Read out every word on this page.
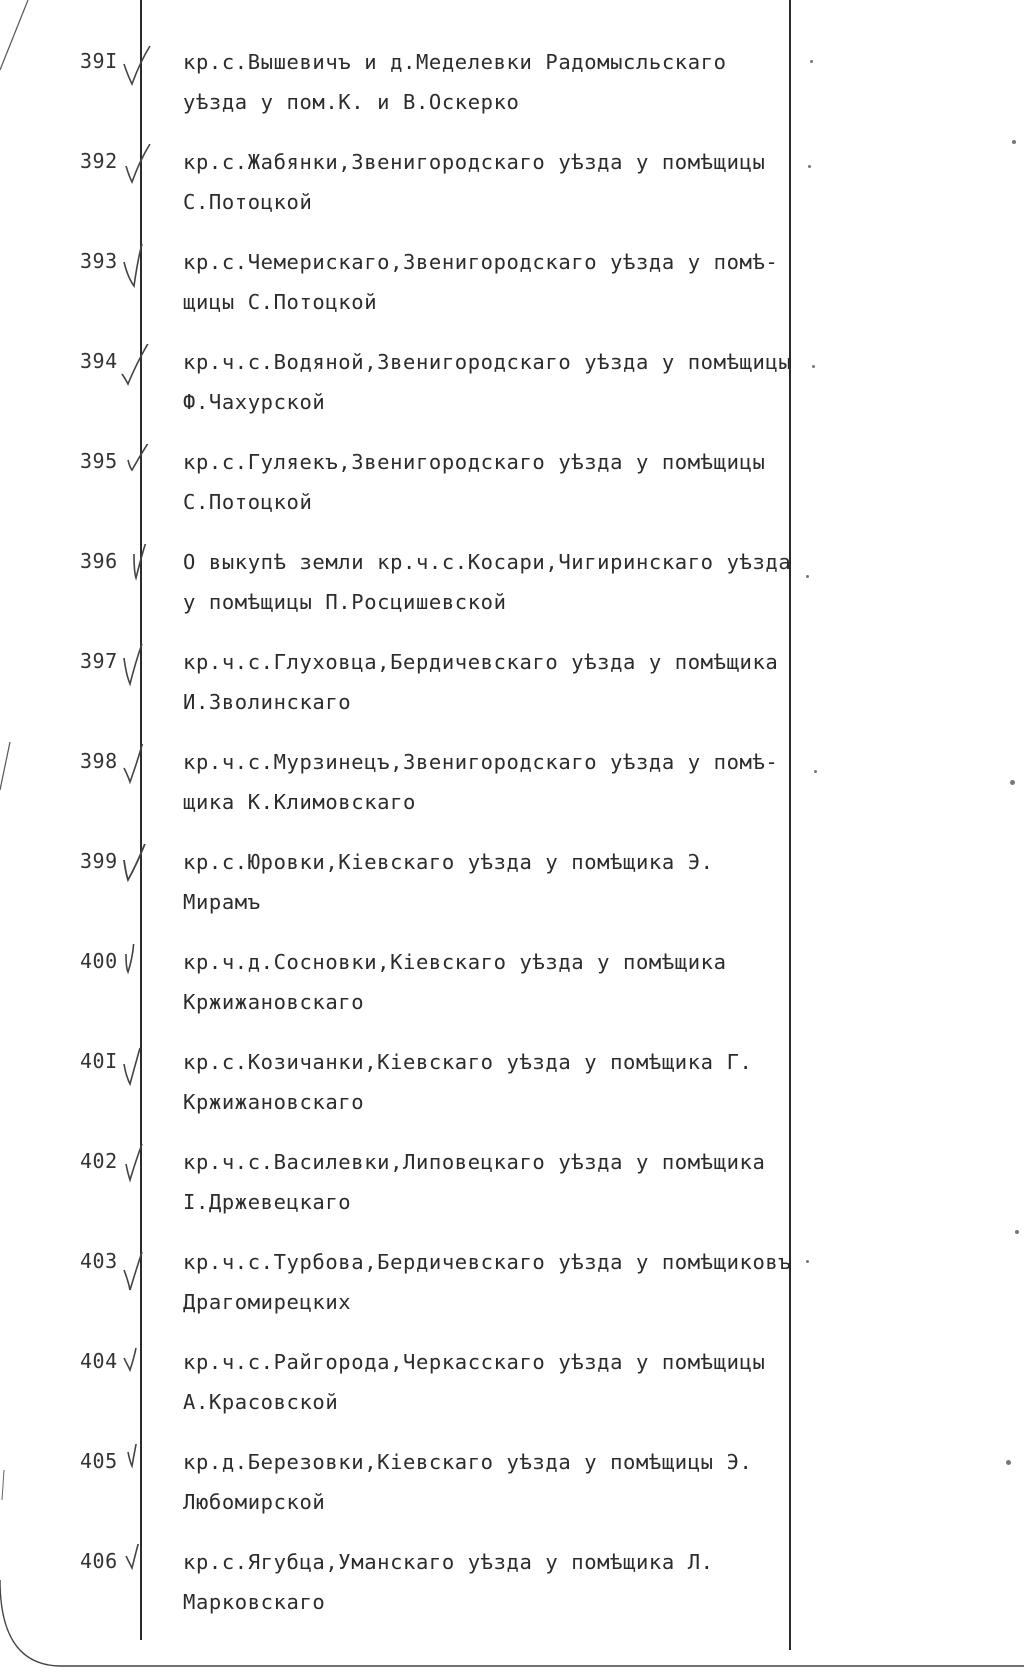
39I	кр.с.Вышевичъ и д.Меделевки Радомысльскаго
уѣзда у пом.К. и В.Оскерко
392	кр.с.Жабянки,Звенигородскаго уѣзда у помѣщицы
С.Потоцкой
393	кр.с.Чемерискаго,Звенигородскаго уѣзда у помѣ-
щицы С.Потоцкой
394	кр.ч.с.Водяной,Звенигородскаго уѣзда у помѣщицы
Ф.Чахурской
395	кр.с.Гуляекъ,Звенигородскаго уѣзда у помѣщицы
С.Потоцкой
396	О выкупѣ земли кр.ч.с.Косари,Чигиринскаго уѣзда
у помѣщицы П.Росцишевской
397	кр.ч.с.Глуховца,Бердичевскаго уѣзда у помѣщика
И.Зволинскаго
398	кр.ч.с.Мурзинецъ,Звенигородскаго уѣзда у помѣ-
щика К.Климовскаго
399	кр.с.Юровки,Кіевскаго уѣзда у помѣщика Э.
Мирамъ
400	кр.ч.д.Сосновки,Кіевскаго уѣзда у помѣщика
Кржижановскаго
40I	кр.с.Козичанки,Кіевскаго уѣзда у помѣщика Г.
Кржижановскаго
402	кр.ч.с.Василевки,Липовецкаго уѣзда у помѣщика
І.Држевецкаго
403	кр.ч.с.Турбова,Бердичевскаго уѣзда у помѣщиковъ
Драгомирецких
404	кр.ч.с.Райгорода,Черкасскаго уѣзда у помѣщицы
А.Красовской
405	кр.д.Березовки,Кіевскаго уѣзда у помѣщицы Э.
Любомирской
406	кр.с.Ягубца,Уманскаго уѣзда у помѣщика Л.
Марковскаго
